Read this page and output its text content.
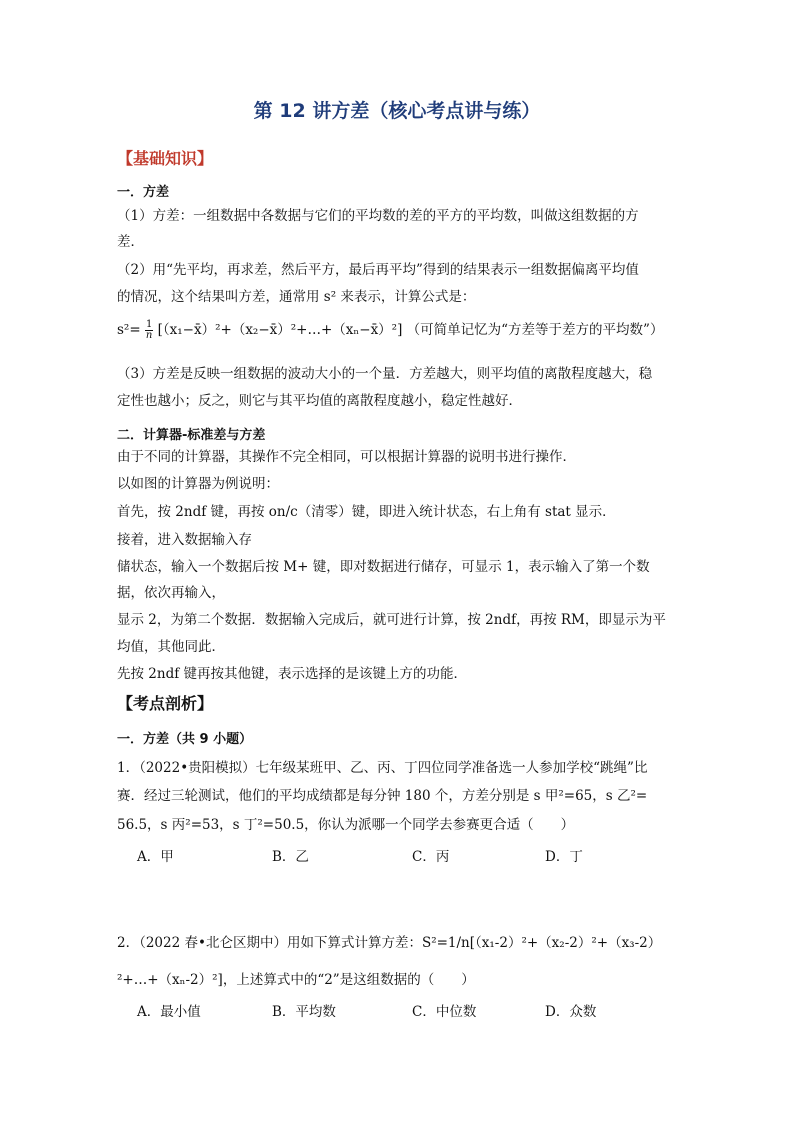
第 12 讲方差（核心考点讲与练）
【基础知识】
一．方差
（1）方差：一组数据中各数据与它们的平均数的差的平方的平均数，叫做这组数据的方
差．
（2）用“先平均，再求差，然后平方，最后再平均”得到的结果表示一组数据偏离平均值
的情况，这个结果叫方差，通常用 s² 来表示，计算公式是：
$s^2= \frac{1}{n}$ [（x₁−x̄）²+（x₂−x̄）²+…+（xₙ−x̄）²] （可简单记忆为“方差等于差方的平均数”）
（3）方差是反映一组数据的波动大小的一个量．方差越大，则平均值的离散程度越大，稳
定性也越小；反之，则它与其平均值的离散程度越小，稳定性越好．
二．计算器-标准差与方差
由于不同的计算器，其操作不完全相同，可以根据计算器的说明书进行操作．
以如图的计算器为例说明：
首先，按 2ndf 键，再按 on/c（清零）键，即进入统计状态，右上角有 stat 显示．
接着，进入数据输入存
储状态，输入一个数据后按 M+ 键，即对数据进行储存，可显示 1，表示输入了第一个数
据，依次再输入，
显示 2，为第二个数据．数据输入完成后，就可进行计算，按 2ndf，再按 RM，即显示为平
均值，其他同此．
先按 2ndf 键再按其他键，表示选择的是该键上方的功能．
【考点剖析】
一．方差（共 9 小题）
1．（2022•贵阳模拟）七年级某班甲、乙、丙、丁四位同学准备选一人参加学校“跳绳”比
赛．经过三轮测试，他们的平均成绩都是每分钟 180 个，方差分别是 s 甲²=65，s 乙²=
56.5，s 丙²=53，s 丁²=50.5，你认为派哪一个同学去参赛更合适（　　）
A．甲	B．乙	C．丙	D．丁
2．（2022 春•北仑区期中）用如下算式计算方差：S²=1/n[（x₁-2）²+（x₂-2）²+（x₃-2）
²+…+（xₙ-2）²]，上述算式中的“2”是这组数据的（　　）
A．最小值	B．平均数	C．中位数	D．众数
